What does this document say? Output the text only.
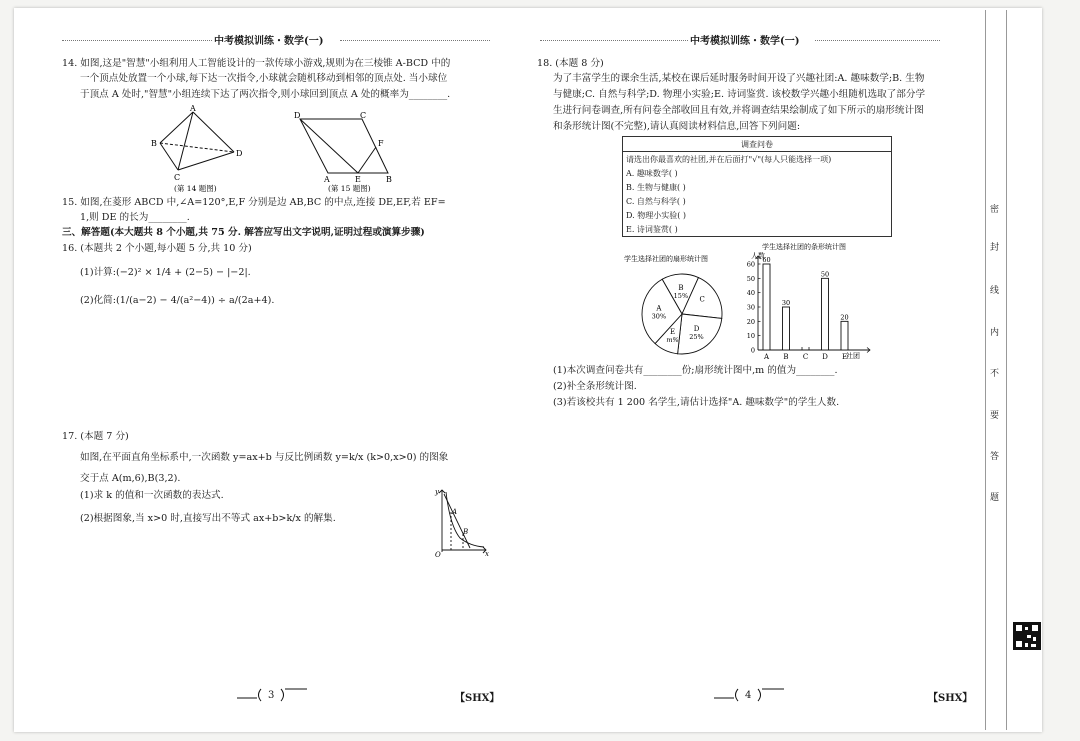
中考模拟训练・数学(一)	中考模拟训练・数学(一)
14. 如图,这是"智慧"小组利用人工智能设计的一款传球小游戏,规则为在三棱锥 A-BCD 中的
一个顶点处放置一个小球,每下达一次指令,小球就会随机移动到相邻的顶点处. 当小球位
于顶点 A 处时,"智慧"小组连续下达了两次指令,则小球回到顶点 A 处的概率为________.
A
B
C
D
(第 14 题图)
D	C
F
A	E	B
(第 15 题图)
15. 如图,在菱形 ABCD 中,∠A=120°,E,F 分别是边 AB,BC 的中点,连接 DE,EF,若 EF=
1,则 DE 的长为________.
三、解答题(本大题共 8 个小题,共 75 分. 解答应写出文字说明,证明过程或演算步骤)
16. (本题共 2 个小题,每小题 5 分,共 10 分)
(1)计算:(−2)² × 1/4 + (2−5) − |−2|.
(2)化简:(1/(a−2) − 4/(a²−4)) ÷ a/(2a+4).
17. (本题 7 分)
如图,在平面直角坐标系中,一次函数 y=ax+b 与反比例函数 y=k/x (k>0,x>0) 的图象
交于点 A(m,6),B(3,2).
(1)求 k 的值和一次函数的表达式.
(2)根据图象,当 x>0 时,直接写出不等式 ax+b>k/x 的解集.
y
x
O
A
B
3	【SHX】
18. (本题 8 分)
为了丰富学生的课余生活,某校在课后延时服务时间开设了兴趣社团:A. 趣味数学;B. 生物
与健康;C. 自然与科学;D. 物理小实验;E. 诗词鉴赏. 该校数学兴趣小组随机选取了部分学
生进行问卷调查,所有问卷全部收回且有效,并将调查结果绘制成了如下所示的扇形统计图
和条形统计图(不完整),请认真阅读材料信息,回答下列问题:
调查问卷
请选出你最喜欢的社团,并在后面打"√"(每人只能选择一项)
A. 趣味数学( )
B. 生物与健康( )
C. 自然与科学( )
D. 物理小实验( )
E. 诗词鉴赏( )
学生选择社团的扇形统计图
B
15% C
D
25%
E
m%
A
30%
学生选择社团的条形统计图
人数
社团
0
10
20
30
40
50
60
A
60
B
30
C D
50
E
20
(1)本次调查问卷共有________份;扇形统计图中,m 的值为________.
(2)补全条形统计图.
(3)若该校共有 1 200 名学生,请估计选择"A. 趣味数学"的学生人数.
4	【SHX】
密
封
线
内
不
要
答
题
